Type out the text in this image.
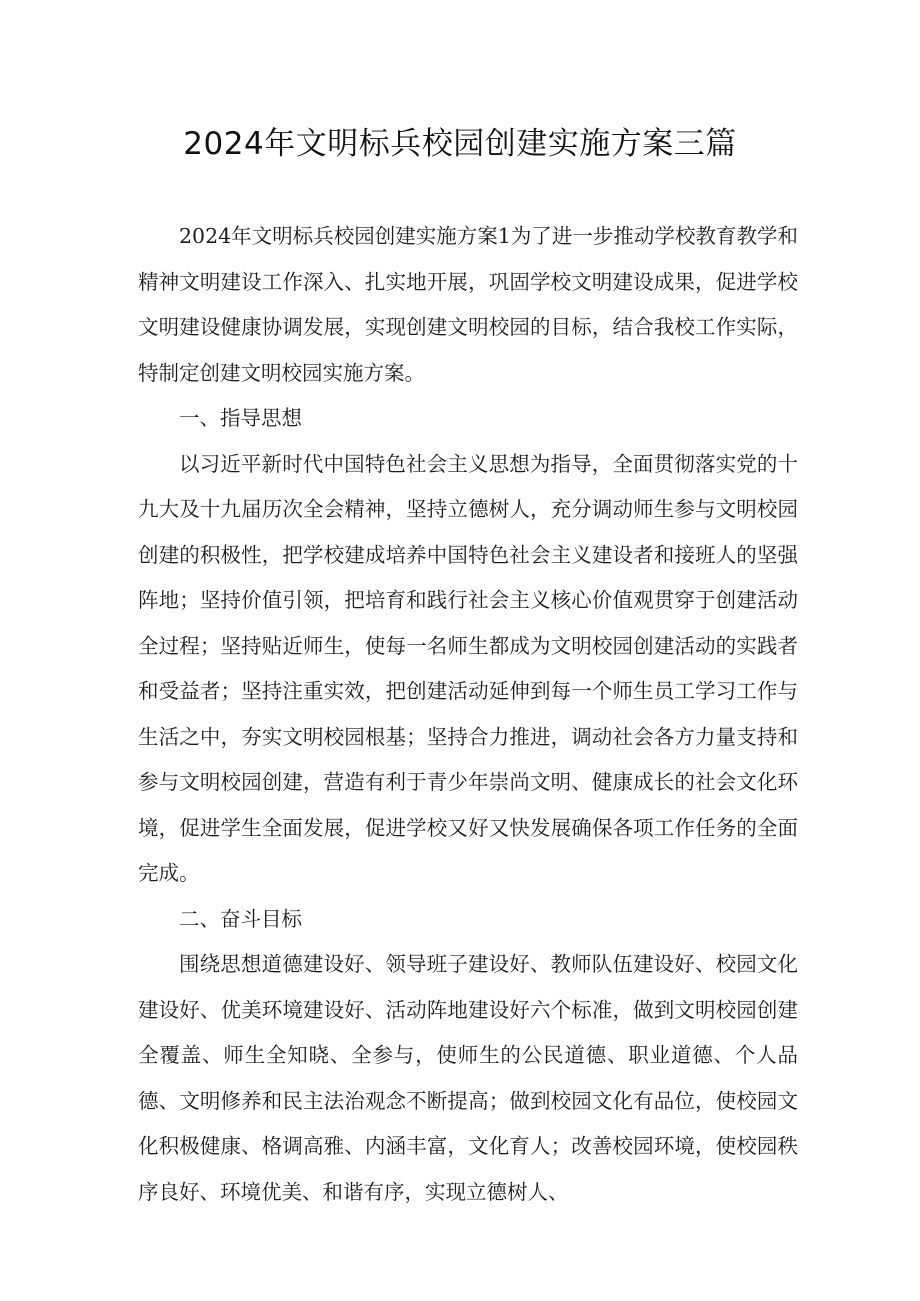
2024年文明标兵校园创建实施方案三篇

2024年文明标兵校园创建实施方案1为了进一步推动学校教育教学和精神文明建设工作深入、扎实地开展，巩固学校文明建设成果，促进学校文明建设健康协调发展，实现创建文明校园的目标，结合我校工作实际，特制定创建文明校园实施方案。

一、指导思想

以习近平新时代中国特色社会主义思想为指导，全面贯彻落实党的十九大及十九届历次全会精神，坚持立德树人，充分调动师生参与文明校园创建的积极性，把学校建成培养中国特色社会主义建设者和接班人的坚强阵地；坚持价值引领，把培育和践行社会主义核心价值观贯穿于创建活动全过程；坚持贴近师生，使每一名师生都成为文明校园创建活动的实践者和受益者；坚持注重实效，把创建活动延伸到每一个师生员工学习工作与生活之中，夯实文明校园根基；坚持合力推进，调动社会各方力量支持和参与文明校园创建，营造有利于青少年崇尚文明、健康成长的社会文化环境，促进学生全面发展，促进学校又好又快发展确保各项工作任务的全面完成。

二、奋斗目标

围绕思想道德建设好、领导班子建设好、教师队伍建设好、校园文化建设好、优美环境建设好、活动阵地建设好六个标准，做到文明校园创建全覆盖、师生全知晓、全参与，使师生的公民道德、职业道德、个人品德、文明修养和民主法治观念不断提高；做到校园文化有品位，使校园文化积极健康、格调高雅、内涵丰富，文化育人；改善校园环境，使校园秩序良好、环境优美、和谐有序，实现立德树人、
